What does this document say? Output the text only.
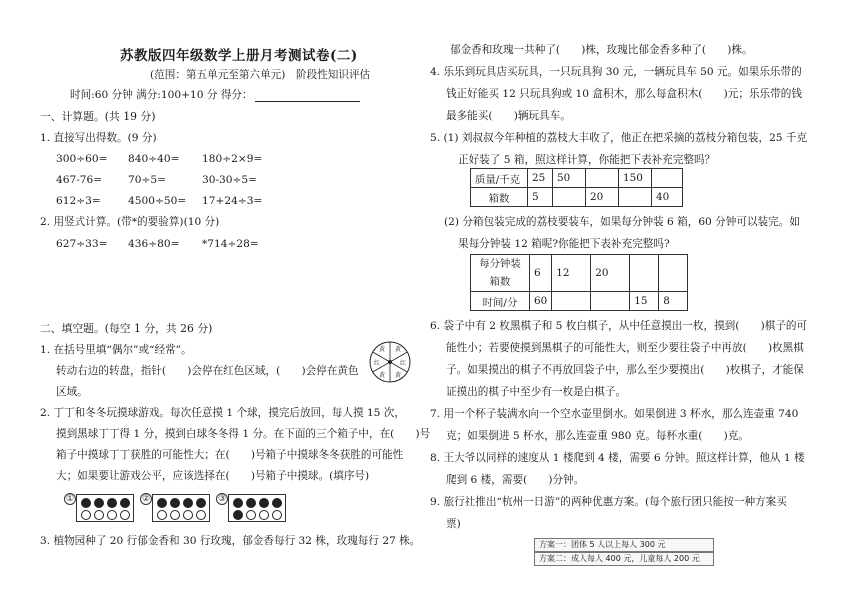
苏教版四年级数学上册月考测试卷(二)
(范围：第五单元至第六单元)　阶段性知识评估
时间:60 分钟 满分:100+10 分 得分：
一、计算题。(共 19 分)
1. 直接写出得数。(9 分)
300÷60= 840÷40= 180÷2×9=
467-76= 70÷5=	30-30÷5=
612÷3=	4500÷50= 17+24÷3=
2. 用竖式计算。(带*的要验算)(10 分)
627÷33= 436÷80= *714÷28=
二、填空题。(每空 1 分，共 26 分)
1. 在括号里填“偶尔”或“经常”。
转动右边的转盘，指针(　　)会停在红色区域，(　　)会停在黄色
区域。
黄
红
黄
黄
红
黄
2. 丁丁和冬冬玩摸球游戏。每次任意摸 1 个球，摸完后放回，每人摸 15 次，
摸到黑球丁丁得 1 分，摸到白球冬冬得 1 分。在下面的三个箱子中，在(　　)号
箱子中摸球丁丁获胜的可能性大；在(　　)号箱子中摸球冬冬获胜的可能性
大；如果要让游戏公平，应该选择在(　　)号箱子中摸球。(填序号)
①	②	③
3. 植物园种了 20 行郁金香和 30 行玫瑰，郁金香每行 32 株，玫瑰每行 27 株。
郁金香和玫瑰一共种了(　　)株，玫瑰比郁金香多种了(　　)株。
4. 乐乐到玩具店买玩具，一只玩具狗 30 元，一辆玩具车 50 元。如果乐乐带的
钱正好能买 12 只玩具狗或 10 盒积木，那么每盒积木(　　)元；乐乐带的钱
最多能买(　　)辆玩具车。
5. (1) 刘叔叔今年种植的荔枝大丰收了，他正在把采摘的荔枝分箱包装，25 千克
正好装了 5 箱，照这样计算，你能把下表补充完整吗？
质量/千克	25	50		150	
箱数	5		20		40
(2) 分箱包装完成的荔枝要装车，如果每分钟装 6 箱，60 分钟可以装完。如
果每分钟装 12 箱呢?你能把下表补充完整吗?
每分钟装
箱数	6	12	20		
时间/分	60			15	8
6. 袋子中有 2 枚黑棋子和 5 枚白棋子，从中任意摸出一枚，摸到(　　)棋子的可
能性小；若要使摸到黑棋子的可能性大，则至少要往袋子中再放(　　)枚黑棋
子。如果摸出的棋子不再放回袋子中，那么至少要摸出(　　)枚棋子，才能保
证摸出的棋子中至少有一枚是白棋子。
7. 用一个杯子装满水向一个空水壶里倒水。如果倒进 3 杯水，那么连壶重 740
克；如果倒进 5 杯水，那么连壶重 980 克。每杯水重(　　)克。
8. 王大爷以同样的速度从 1 楼爬到 4 楼，需要 6 分钟。照这样计算，他从 1 楼
爬到 6 楼，需要(　　)分钟。
9. 旅行社推出“杭州一日游”的两种优惠方案。(每个旅行团只能按一种方案买
票)
方案一：团体 5 人以上每人 300 元
方案二：成人每人 400 元，儿童每人 200 元
